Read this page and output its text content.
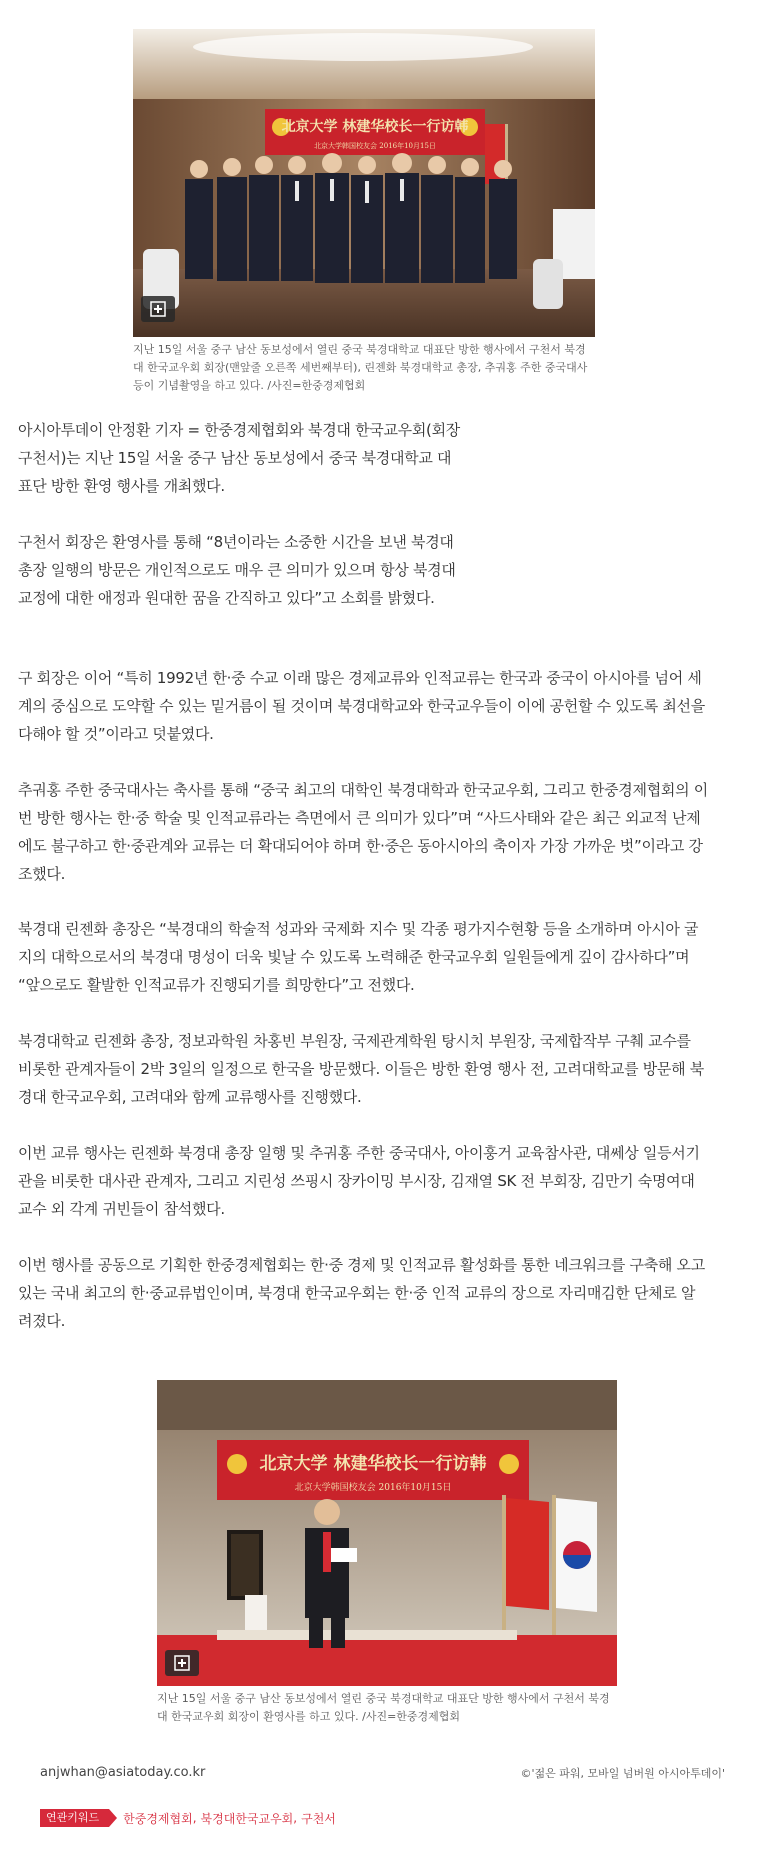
北京大学 林建华校长一行访韩
北京大学韩国校友会 2016年10月15日

지난 15일 서울 중구 남산 동보성에서 열린 중국 북경대학교 대표단 방한 행사에서 구천서 북경대 한국교우회 회장(맨앞줄 오른쪽 세번째부터), 린젠화 북경대학교 총장, 추궈홍 주한 중국대사 등이 기념촬영을 하고 있다. /사진=한중경제협회

아시아투데이 안정환 기자 = 한중경제협회와 북경대 한국교우회(회장 구천서)는 지난 15일 서울 중구 남산 동보성에서 중국 북경대학교 대표단 방한 환영 행사를 개최했다.

구천서 회장은 환영사를 통해 “8년이라는 소중한 시간을 보낸 북경대 총장 일행의 방문은 개인적으로도 매우 큰 의미가 있으며 항상 북경대 교정에 대한 애정과 원대한 꿈을 간직하고 있다”고 소회를 밝혔다.

구 회장은 이어 “특히 1992년 한·중 수교 이래 많은 경제교류와 인적교류는 한국과 중국이 아시아를 넘어 세계의 중심으로 도약할 수 있는 밑거름이 될 것이며 북경대학교와 한국교우들이 이에 공헌할 수 있도록 최선을 다해야 할 것”이라고 덧붙였다.

추궈홍 주한 중국대사는 축사를 통해 “중국 최고의 대학인 북경대학과 한국교우회, 그리고 한중경제협회의 이번 방한 행사는 한·중 학술 및 인적교류라는 측면에서 큰 의미가 있다”며 “사드사태와 같은 최근 외교적 난제에도 불구하고 한·중관계와 교류는 더 확대되어야 하며 한·중은 동아시아의 축이자 가장 가까운 벗”이라고 강조했다.

북경대 린젠화 총장은 “북경대의 학술적 성과와 국제화 지수 및 각종 평가지수현황 등을 소개하며 아시아 굴지의 대학으로서의 북경대 명성이 더욱 빛날 수 있도록 노력해준 한국교우회 일원들에게 깊이 감사하다”며 “앞으로도 활발한 인적교류가 진행되기를 희망한다”고 전했다.

북경대학교 린젠화 총장, 정보과학원 차홍빈 부원장, 국제관계학원 탕시치 부원장, 국제합작부 구췌 교수를 비롯한 관계자들이 2박 3일의 일정으로 한국을 방문했다. 이들은 방한 환영 행사 전, 고려대학교를 방문해 북경대 한국교우회, 고려대와 함께 교류행사를 진행했다.

이번 교류 행사는 린젠화 북경대 총장 일행 및 추궈홍 주한 중국대사, 아이훙거 교육참사관, 대쎄상 일등서기관을 비롯한 대사관 관계자, 그리고 지린성 쓰핑시 장카이밍 부시장, 김재열 SK 전 부회장, 김만기 숙명여대 교수 외 각계 귀빈들이 참석했다.

이번 행사를 공동으로 기획한 한중경제협회는 한·중 경제 및 인적교류 활성화를 통한 네크워크를 구축해 오고 있는 국내 최고의 한·중교류법인이며, 북경대 한국교우회는 한·중 인적 교류의 장으로 자리매김한 단체로 알려졌다.

北京大学 林建华校长一行访韩
北京大学韩国校友会 2016年10月15日

지난 15일 서울 중구 남산 동보성에서 열린 중국 북경대학교 대표단 방한 행사에서 구천서 북경대 한국교우회 회장이 환영사를 하고 있다. /사진=한중경제협회

anjwhan@asiatoday.co.kr	©'젊은 파워, 모바일 넘버원 아시아투데이'
연관키워드	한중경제협회 , 북경대한국교우회 , 구천서
